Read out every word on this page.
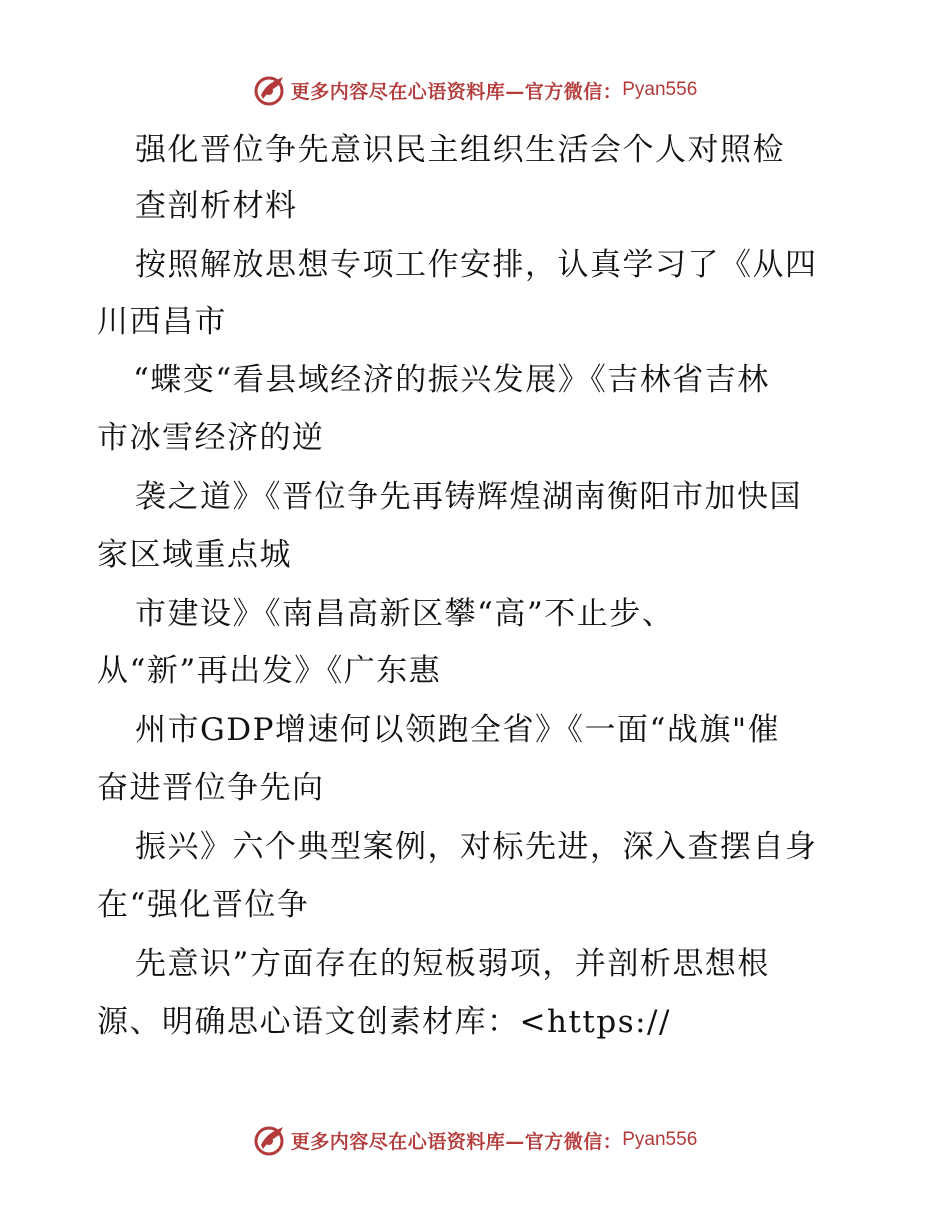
更多内容尽在心语资料库—官方微信： Pyan556
强化晋位争先意识民主组织生活会个人对照检
查剖析材料
按照解放思想专项工作安排，认真学习了《从四
川西昌市
“蝶变“看县域经济的振兴发展》《吉林省吉林
市冰雪经济的逆
袭之道》《晋位争先再铸辉煌湖南衡阳市加快国
家区域重点城
市建设》《南昌高新区攀“高”不止步、
从“新”再出发》《广东惠
州市GDP增速何以领跑全省》《一面“战旗"催
奋进晋位争先向
振兴》六个典型案例，对标先进，深入查摆自身
在“强化晋位争
先意识”方面存在的短板弱项，并剖析思想根
源、明确思心语文创素材库：<https://
更多内容尽在心语资料库—官方微信： Pyan556
